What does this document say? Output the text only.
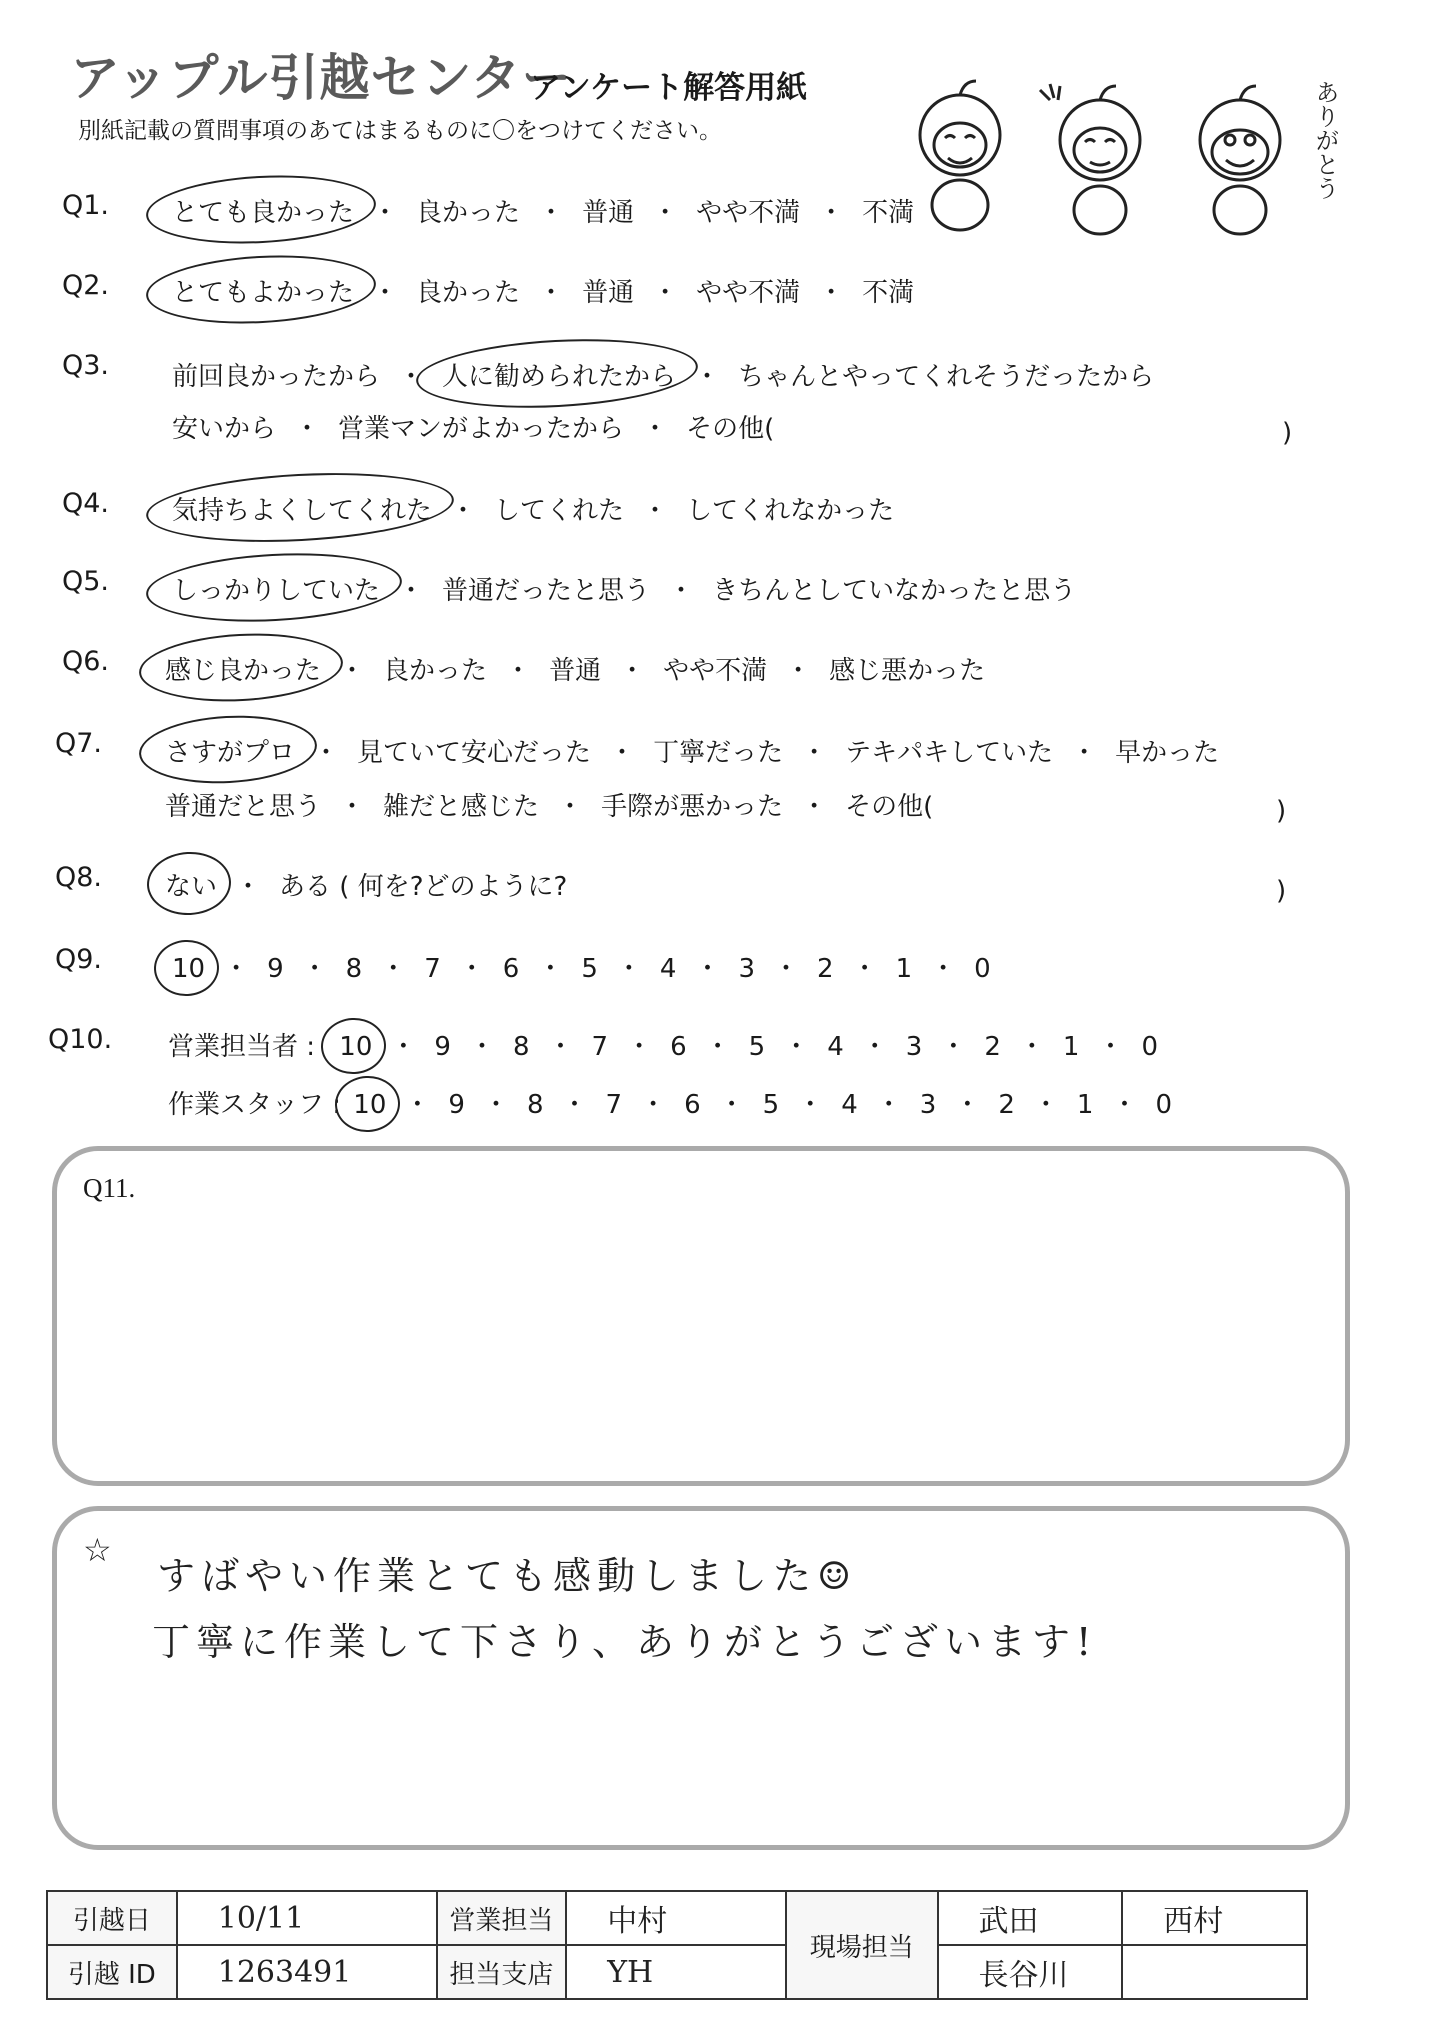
アップル引越センター
アンケート解答用紙
別紙記載の質問事項のあてはまるものに〇をつけてください。	ありがとう
Q1. とても良かった ・ 良かった ・ 普通 ・ やや不満 ・ 不満
Q2. とてもよかった ・ 良かった ・ 普通 ・ やや不満 ・ 不満
Q3. 前回良かったから ・ 人に勧められたから ・ ちゃんとやってくれそうだったから
安いから ・ 営業マンがよかったから ・ その他(	)
Q4. 気持ちよくしてくれた ・ してくれた ・ してくれなかった
Q5. しっかりしていた ・ 普通だったと思う ・ きちんとしていなかったと思う
Q6. 感じ良かった ・ 良かった ・ 普通 ・ やや不満 ・ 感じ悪かった
Q7. さすがプロ ・ 見ていて安心だった ・ 丁寧だった ・ テキパキしていた ・ 早かった
普通だと思う ・ 雑だと感じた ・ 手際が悪かった ・ その他(	)
Q8. ない ・ ある ( 何を?どのように?	)
Q9.	10 ・ 9 ・ 8 ・ 7 ・ 6 ・ 5 ・ 4 ・ 3 ・ 2 ・ 1 ・ 0
Q10. 営業担当者 : 10 ・ 9 ・ 8 ・ 7 ・ 6 ・ 5 ・ 4 ・ 3 ・ 2 ・ 1 ・ 0
作業スタッフ : 10 ・ 9 ・ 8 ・ 7 ・ 6 ・ 5 ・ 4 ・ 3 ・ 2 ・ 1 ・ 0
Q11.
☆
すばやい作業とても感動しました☺
丁寧に作業して下さり、ありがとうございます!
引越日	10/11	営業担当	中村	現場担当	武田	西村
引越 ID	1263491	担当支店	YH		長谷川	
